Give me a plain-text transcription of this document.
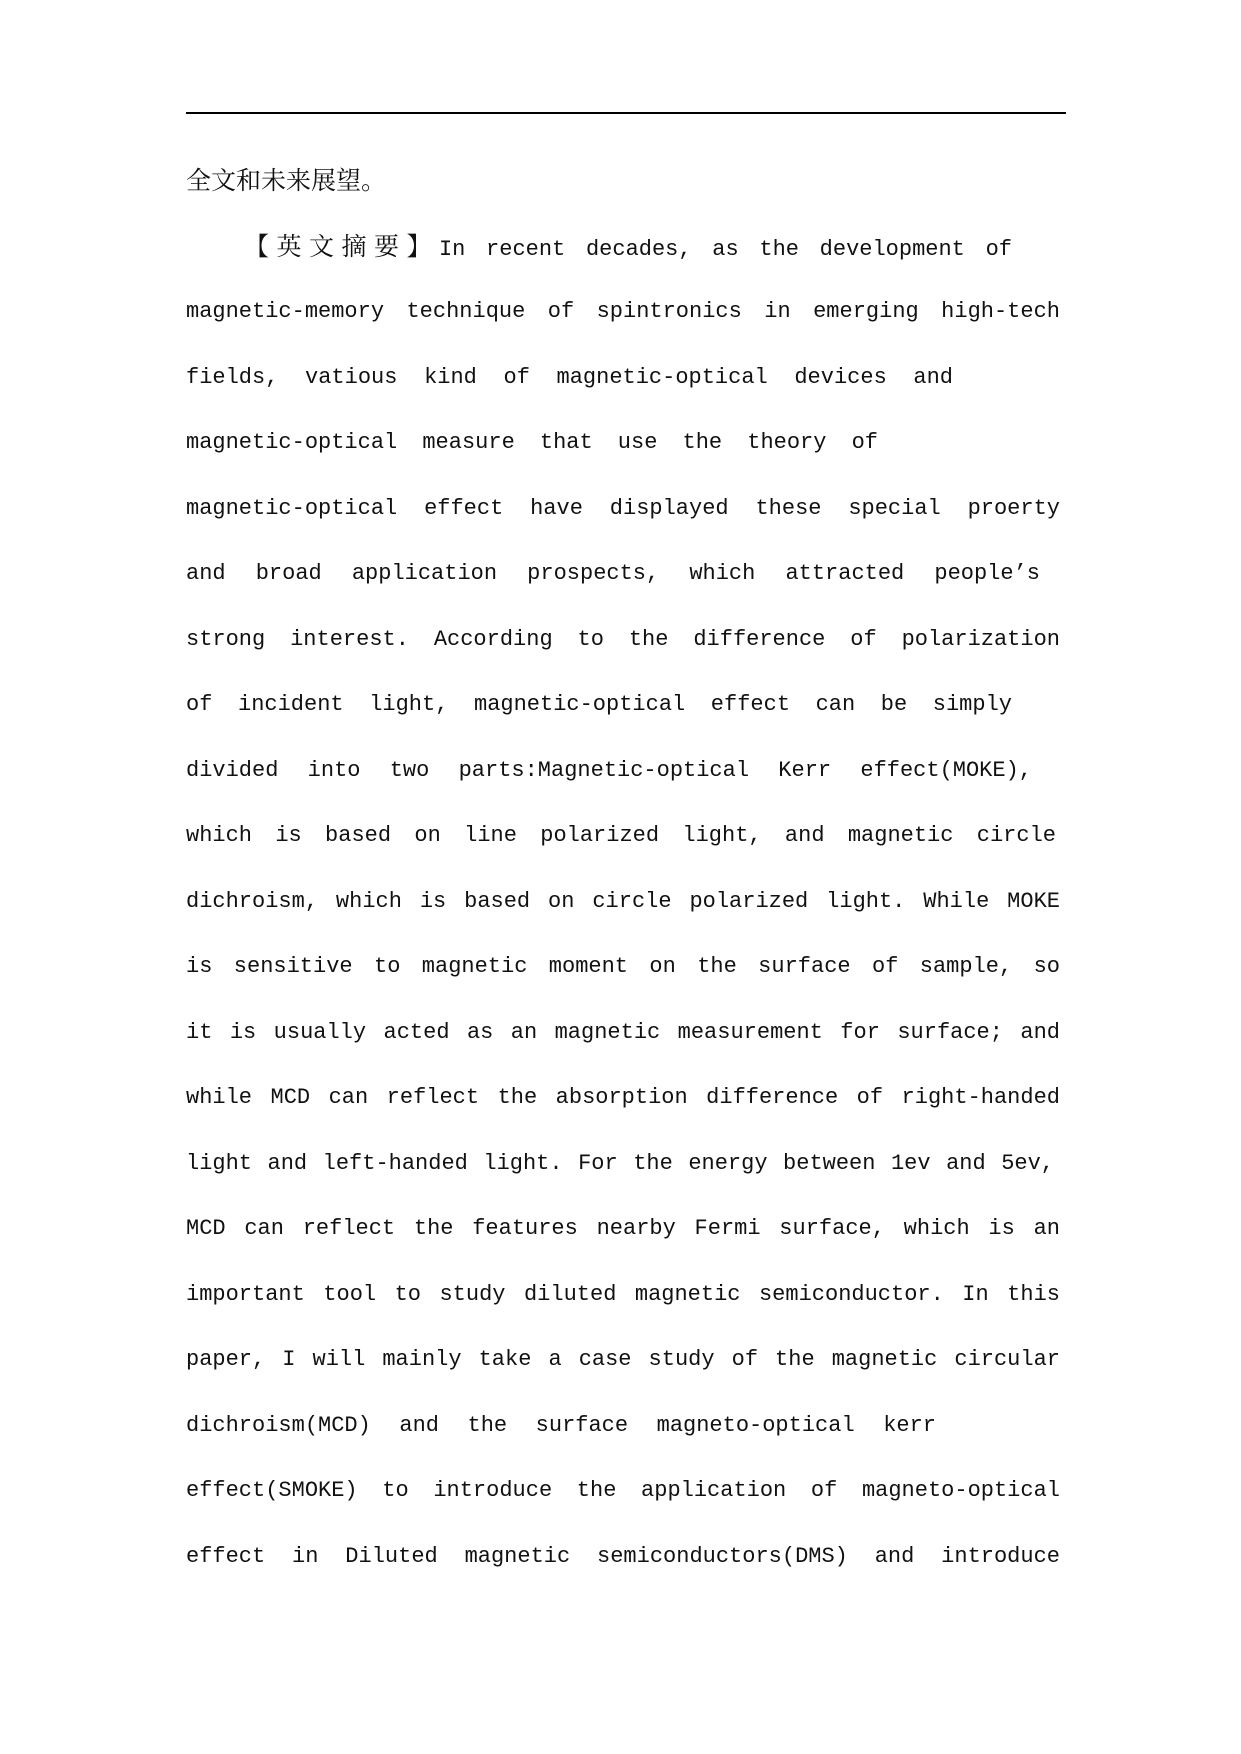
全文和未来展望。
【英文摘要】In recent decades, as the development of
magnetic-memory technique of spintronics in emerging high-tech
fields, vatious kind of magnetic-optical devices and
magnetic-optical measure that use the theory of
magnetic-optical effect have displayed these special proerty
and broad application prospects, which attracted people’s
strong interest. According to the difference of polarization
of incident light, magnetic-optical effect can be simply
divided into two parts:Magnetic-optical Kerr effect(MOKE),
which is based on line polarized light, and magnetic circle
dichroism, which is based on circle polarized light. While MOKE
is sensitive to magnetic moment on the surface of sample, so
it is usually acted as an magnetic measurement for surface; and
while MCD can reflect the absorption difference of right-handed
light and left-handed light. For the energy between 1ev and 5ev,
MCD can reflect the features nearby Fermi surface, which is an
important tool to study diluted magnetic semiconductor. In this
paper, I will mainly take a case study of the magnetic circular
dichroism(MCD) and the surface magneto-optical kerr
effect(SMOKE) to introduce the application of magneto-optical
effect in Diluted magnetic semiconductors(DMS) and introduce
